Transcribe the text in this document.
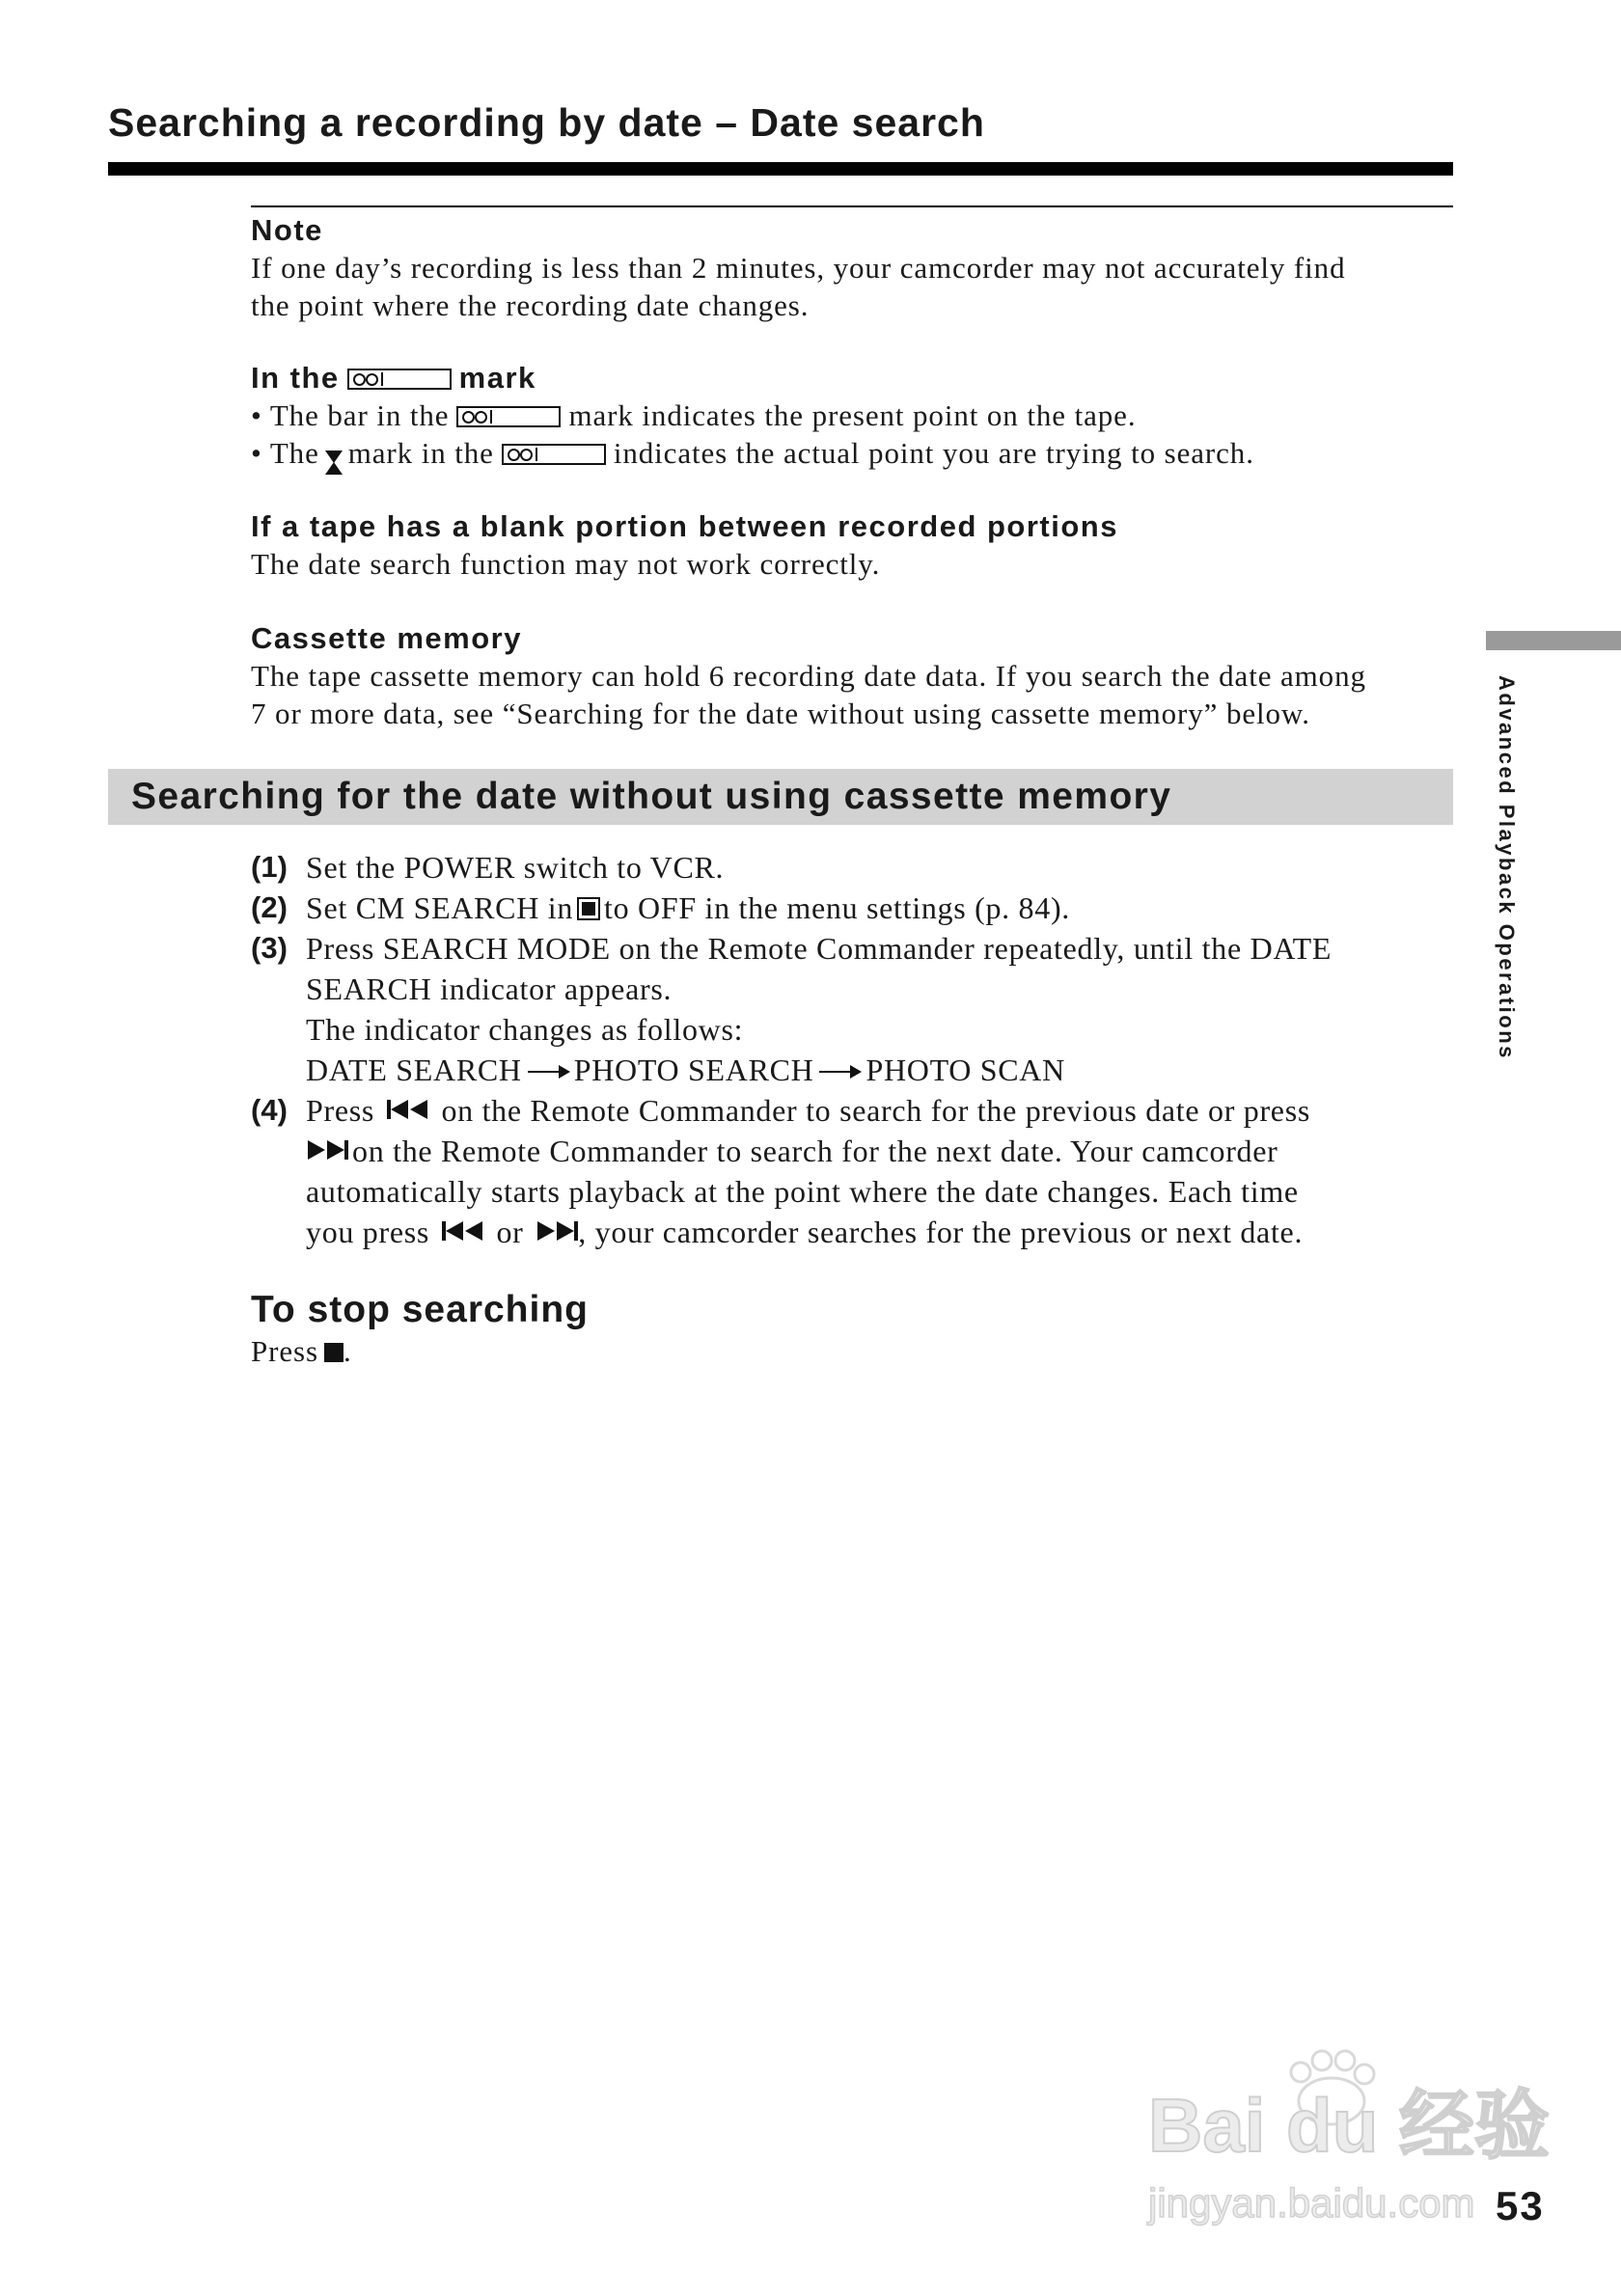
Searching a recording by date – Date search

Note

If one day’s recording is less than 2 minutes, your camcorder may not accurately find

the point where the recording date changes.

In the	mark

• The bar in the	mark indicates the present point on the tape.

• The mark in the	indicates the actual point you are trying to search.

If a tape has a blank portion between recorded portions

The date search function may not work correctly.

Cassette memory

The tape cassette memory can hold 6 recording date data. If you search the date among

7 or more data, see “Searching for the date without using cassette memory” below.

Searching for the date without using cassette memory
(1) Set the POWER switch to VCR.
(2) Set CM SEARCH in to OFF in the menu settings (p. 84).
(3) Press SEARCH MODE on the Remote Commander repeatedly, until the DATE
SEARCH indicator appears.
The indicator changes as follows:
DATE SEARCH PHOTO SEARCH PHOTO SCAN
(4) Press on the Remote Commander to search for the previous date or press
on the Remote Commander to search for the next date. Your camcorder
automatically starts playback at the point where the date changes. Each time
you press or , your camcorder searches for the previous or next date.
To stop searching

Press .

Advanced Playback Operations

Bai du 经验
jingyan.baidu.com 53
